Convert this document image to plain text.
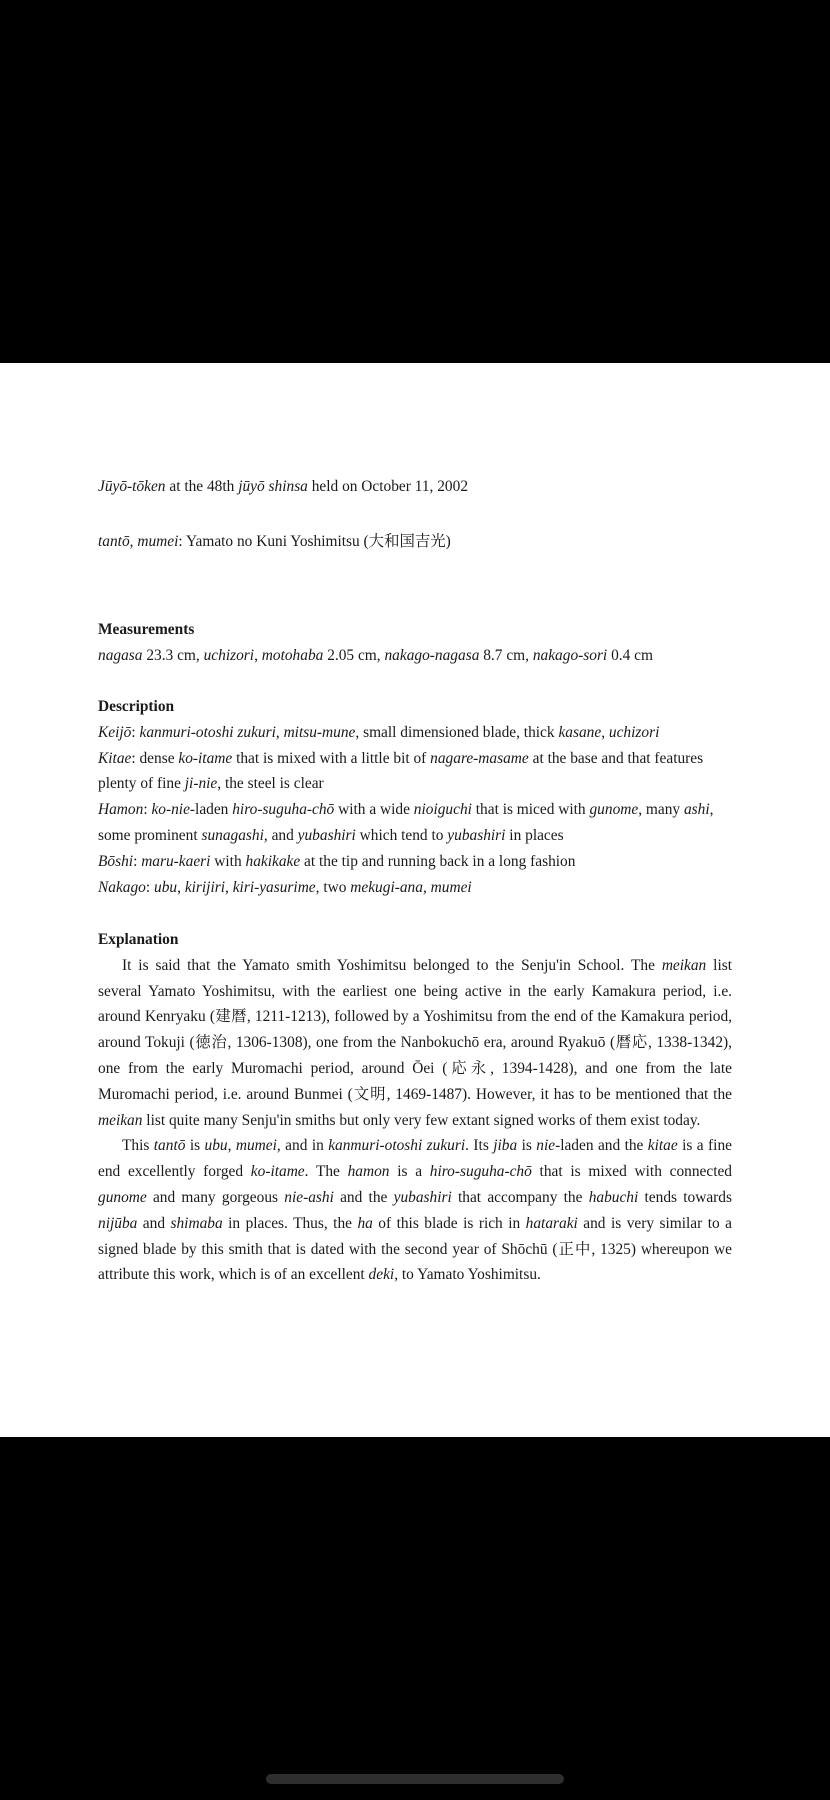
Jūyō-tōken at the 48th jūyō shinsa held on October 11, 2002

tantō, mumei: Yamato no Kuni Yoshimitsu (大和国吉光)

Measurements

nagasa 23.3 cm, uchizori, motohaba 2.05 cm, nakago-nagasa 8.7 cm, nakago-sori 0.4 cm

Description

Keijō: kanmuri-otoshi zukuri, mitsu-mune, small dimensioned blade, thick kasane, uchizori

Kitae: dense ko-itame that is mixed with a little bit of nagare-masame at the base and that features

plenty of fine ji-nie, the steel is clear

Hamon: ko-nie-laden hiro-suguha-chō with a wide nioiguchi that is miced with gunome, many ashi,

some prominent sunagashi, and yubashiri which tend to yubashiri in places

Bōshi: maru-kaeri with hakikake at the tip and running back in a long fashion

Nakago: ubu, kirijiri, kiri-yasurime, two mekugi-ana, mumei

Explanation

It is said that the Yamato smith Yoshimitsu belonged to the Senju'in School. The meikan list several Yamato Yoshimitsu, with the earliest one being active in the early Kamakura period, i.e. around Kenryaku (建暦, 1211-1213), followed by a Yoshimitsu from the end of the Kamakura period, around Tokuji (徳治, 1306-1308), one from the Nanbokuchō era, around Ryakuō (暦応, 1338-1342), one from the early Muromachi period, around Ōei (応永, 1394-1428), and one from the late Muromachi period, i.e. around Bunmei (文明, 1469-1487). However, it has to be mentioned that the meikan list quite many Senju'in smiths but only very few extant signed works of them exist today.

This tantō is ubu, mumei, and in kanmuri-otoshi zukuri. Its jiba is nie-laden and the kitae is a fine end excellently forged ko-itame. The hamon is a hiro-suguha-chō that is mixed with connected gunome and many gorgeous nie-ashi and the yubashiri that accompany the habuchi tends towards nijūba and shimaba in places. Thus, the ha of this blade is rich in hataraki and is very similar to a signed blade by this smith that is dated with the second year of Shōchū (正中, 1325) whereupon we attribute this work, which is of an excellent deki, to Yamato Yoshimitsu.
